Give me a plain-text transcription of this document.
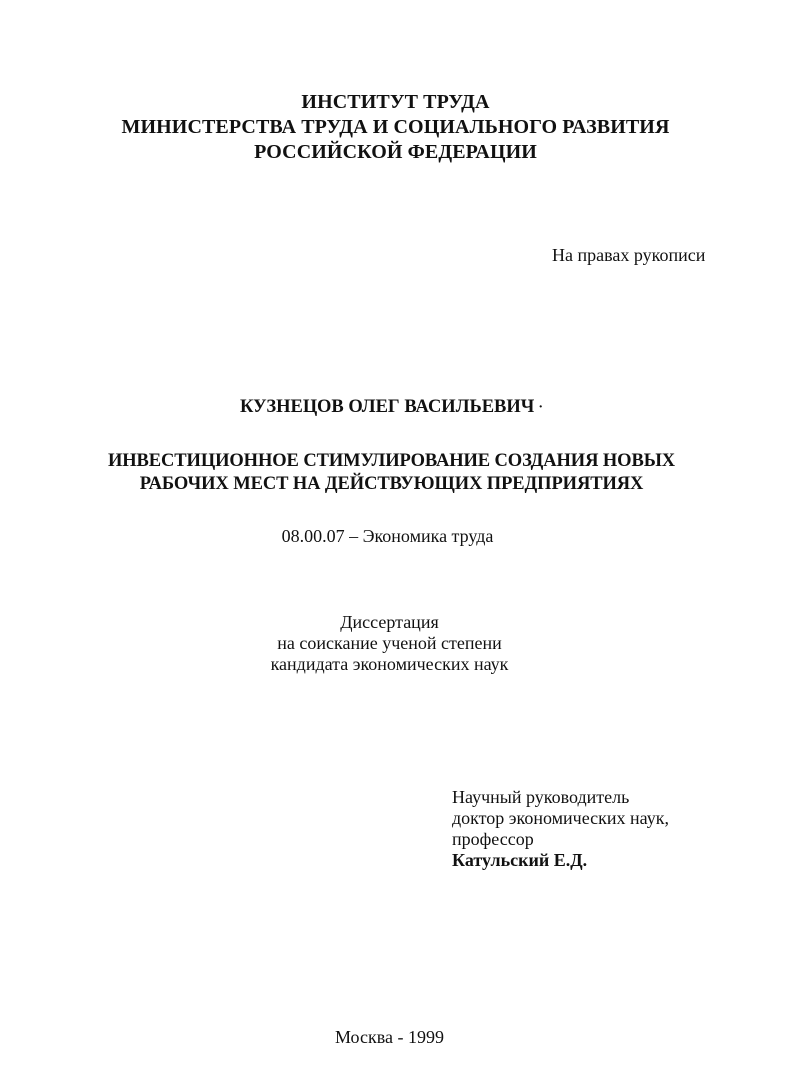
ИНСТИТУТ ТРУДА
МИНИСТЕРСТВА ТРУДА И СОЦИАЛЬНОГО РАЗВИТИЯ
РОССИЙСКОЙ ФЕДЕРАЦИИ
На правах рукописи
КУЗНЕЦОВ ОЛЕГ ВАСИЛЬЕВИЧ ·
ИНВЕСТИЦИОННОЕ СТИМУЛИРОВАНИЕ СОЗДАНИЯ НОВЫХ
РАБОЧИХ МЕСТ НА ДЕЙСТВУЮЩИХ ПРЕДПРИЯТИЯХ
08.00.07 – Экономика труда
Диссертация
на соискание ученой степени
кандидата экономических наук
Научный руководитель
доктор экономических наук,
профессор
Катульский Е.Д.
Москва - 1999
